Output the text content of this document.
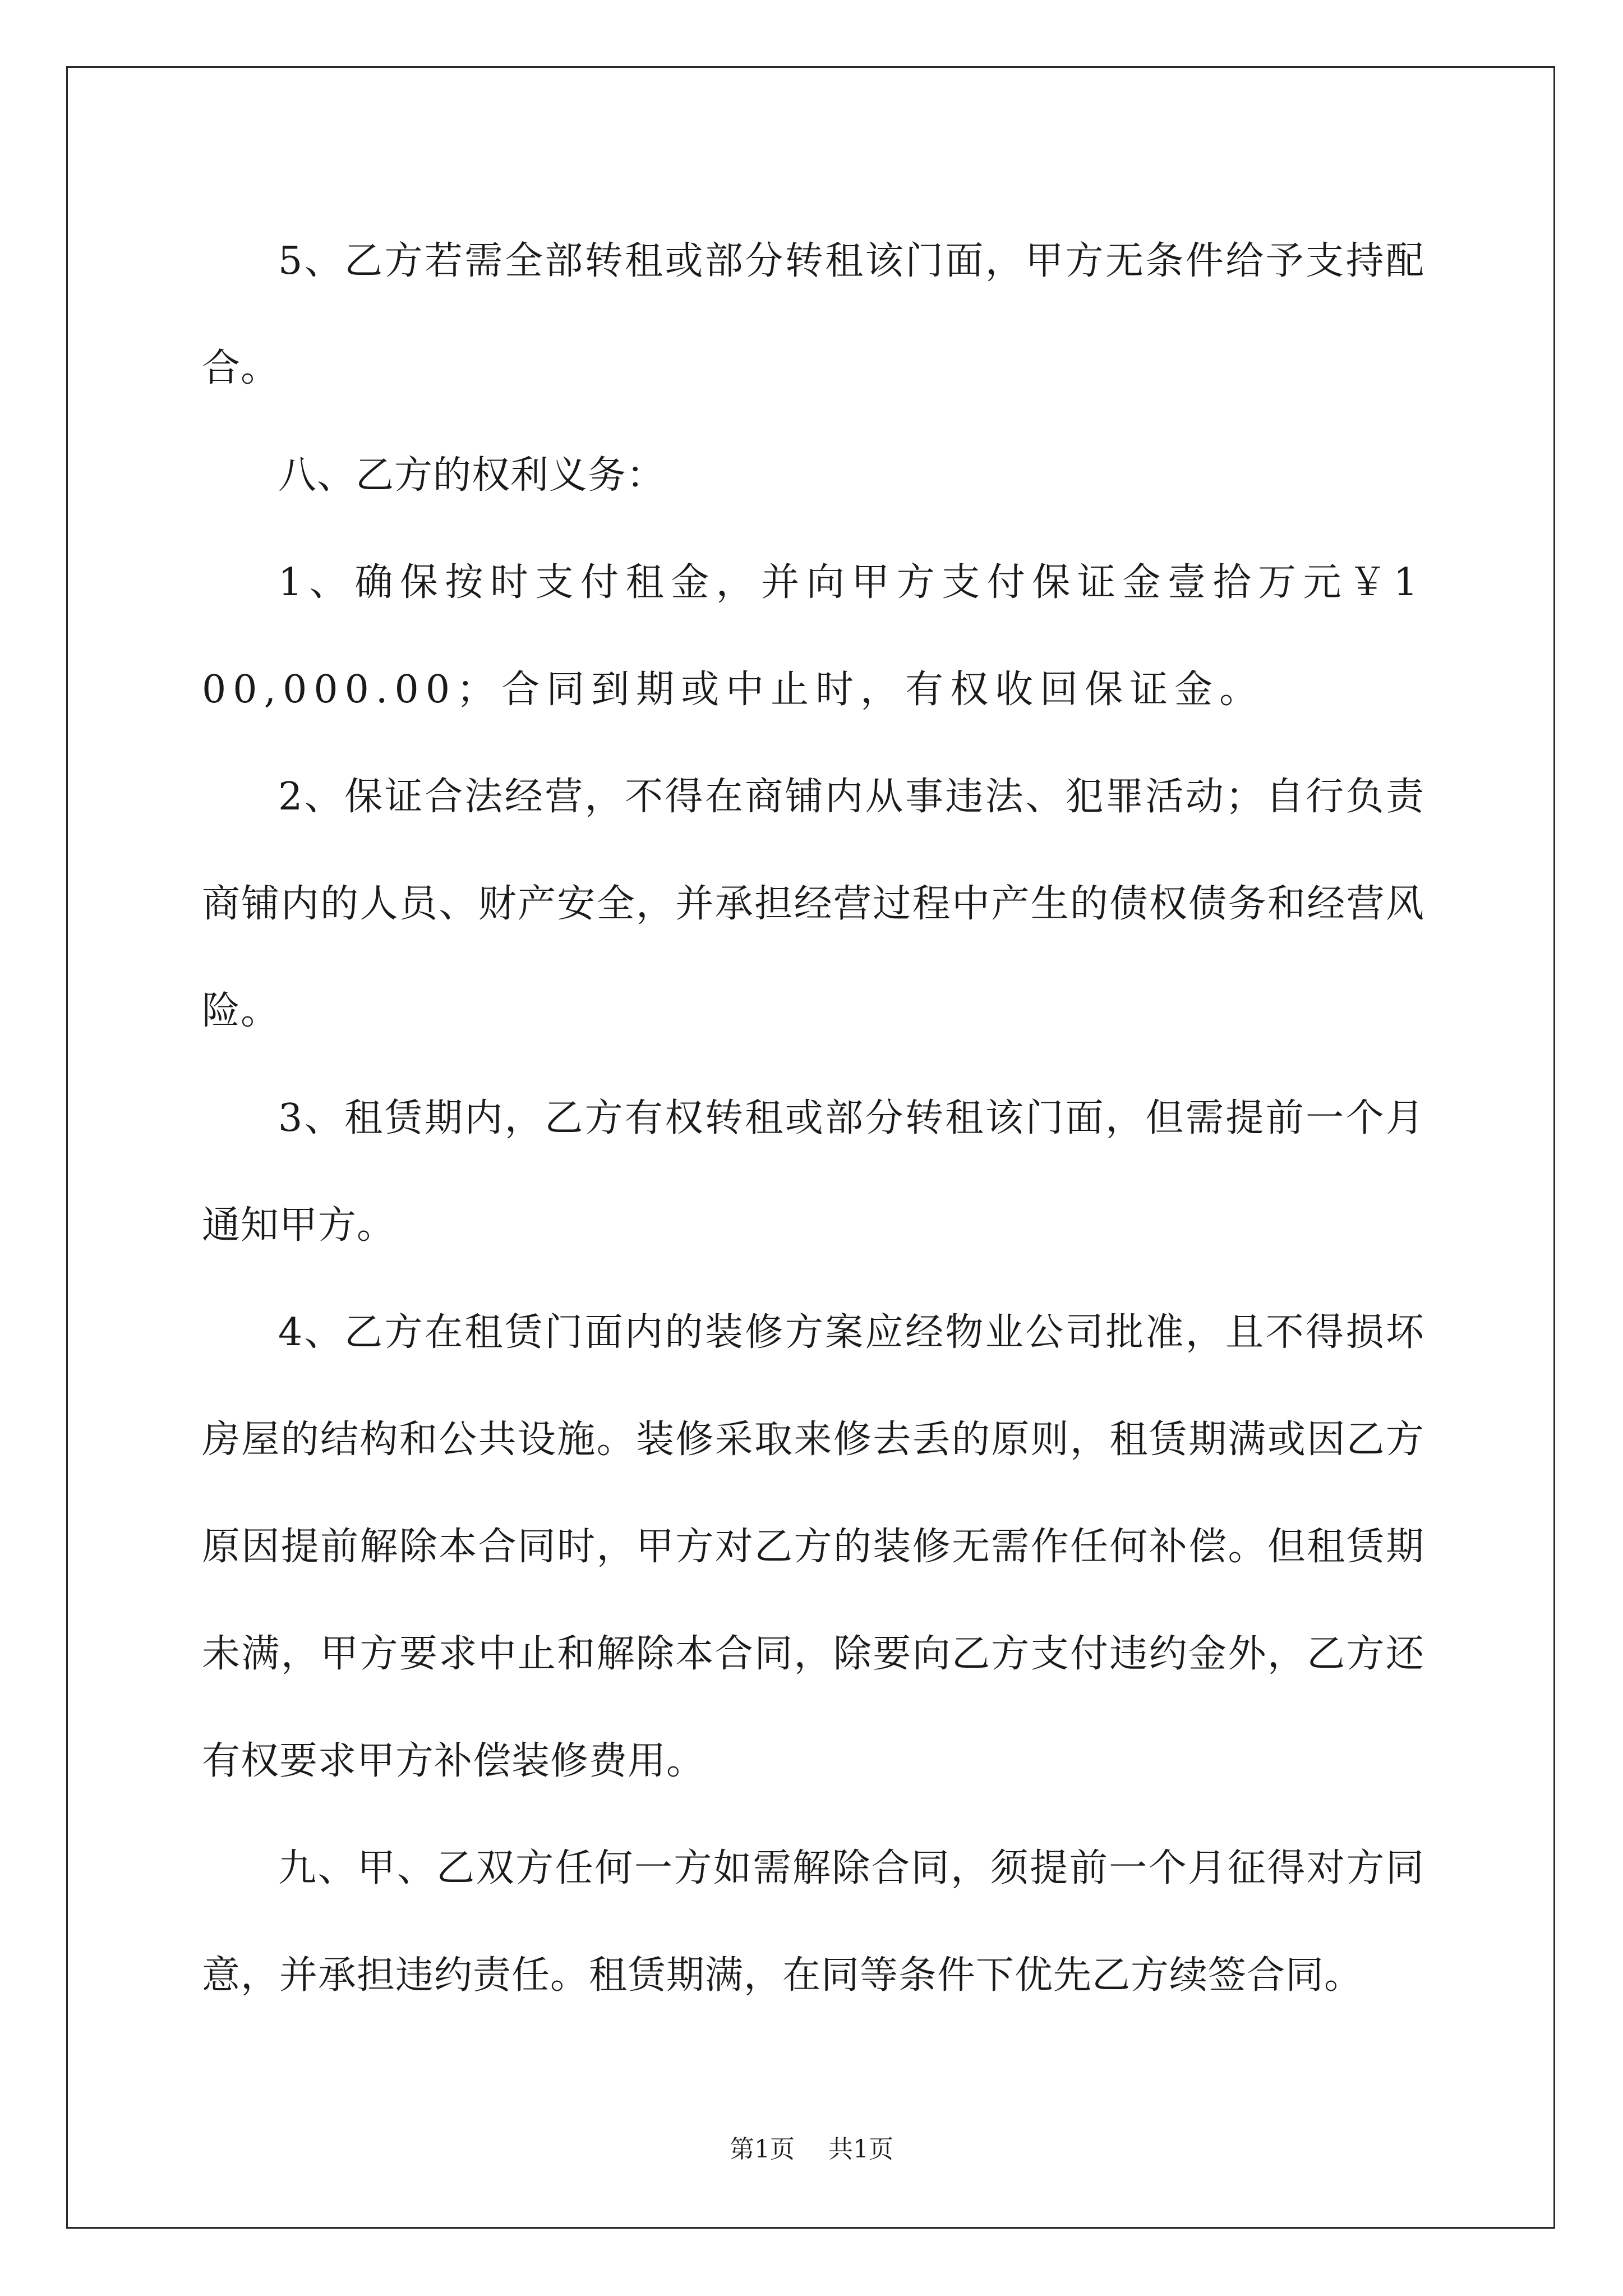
5、乙方若需全部转租或部分转租该门面，甲方无条件给予支持配合。

八、乙方的权利义务：

1、确保按时支付租金，并向甲方支付保证金壹拾万元￥100,000.00；合同到期或中止时，有权收回保证金。

2、保证合法经营，不得在商铺内从事违法、犯罪活动；自行负责商铺内的人员、财产安全，并承担经营过程中产生的债权债务和经营风险。

3、租赁期内，乙方有权转租或部分转租该门面，但需提前一个月通知甲方。

4、乙方在租赁门面内的装修方案应经物业公司批准，且不得损坏房屋的结构和公共设施。装修采取来修去丢的原则，租赁期满或因乙方原因提前解除本合同时，甲方对乙方的装修无需作任何补偿。但租赁期未满，甲方要求中止和解除本合同，除要向乙方支付违约金外，乙方还有权要求甲方补偿装修费用。

九、甲、乙双方任何一方如需解除合同，须提前一个月征得对方同意，并承担违约责任。租赁期满，在同等条件下优先乙方续签合同。

第1页 共1页
